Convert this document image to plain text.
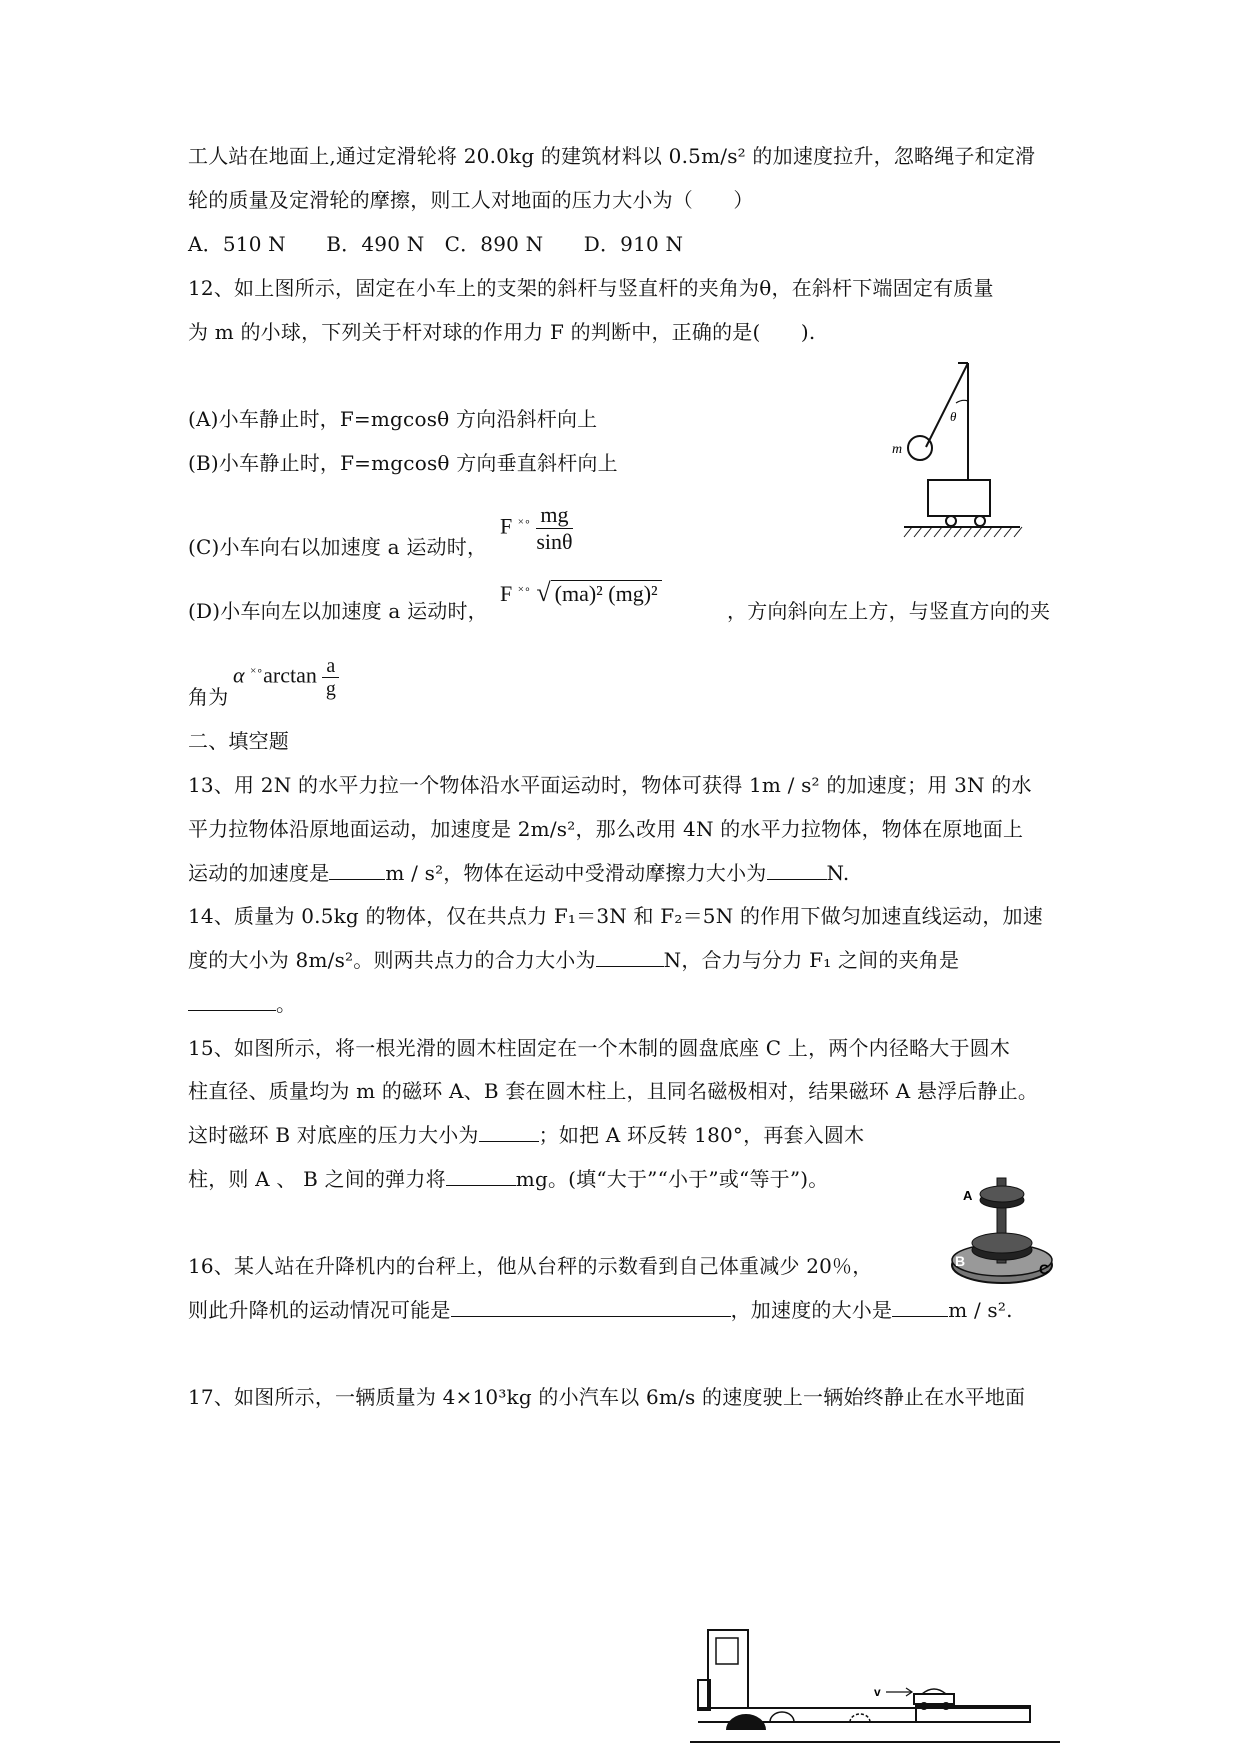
工人站在地面上,通过定滑轮将 20.0kg 的建筑材料以 0.5m/s² 的加速度拉升，忽略绳子和定滑
轮的质量及定滑轮的摩擦，则工人对地面的压力大小为（　　）
A．510 N　　B．490 N　C．890 N　　D．910 N
12、如上图所示，固定在小车上的支架的斜杆与竖直杆的夹角为θ，在斜杆下端固定有质量
为 m 的小球，下列关于杆对球的作用力 F 的判断中，正确的是(　　).
(A)小车静止时，F=mgcosθ 方向沿斜杆向上
(B)小车静止时，F=mgcosθ 方向垂直斜杆向上
(C)小车向右以加速度 a 运动时，
F $^{\times\circ} \frac{mg}{\sin\theta}$
(D)小车向左以加速度 a 运动时，
F ×∘ √ (ma)² (mg)²
，方向斜向左上方，与竖直方向的夹
α $^{\times\circ}\arctan \frac{a}{g}$
角为
二、填空题
13、用 2N 的水平力拉一个物体沿水平面运动时，物体可获得 1m / s² 的加速度；用 3N 的水
平力拉物体沿原地面运动，加速度是 2m/s²，那么改用 4N 的水平力拉物体，物体在原地面上
运动的加速度是	m / s²，物体在运动中受滑动摩擦力大小为	N.
14、质量为 0.5kg 的物体，仅在共点力 F₁＝3N 和 F₂＝5N 的作用下做匀加速直线运动，加速
度的大小为 8m/s²。则两共点力的合力大小为	N，合力与分力 F₁ 之间的夹角是
。
15、如图所示，将一根光滑的圆木柱固定在一个木制的圆盘底座 C 上，两个内径略大于圆木
柱直径、质量均为 m 的磁环 A、B 套在圆木柱上，且同名磁极相对，结果磁环 A 悬浮后静止。
这时磁环 B 对底座的压力大小为	；如把 A 环反转 180°，再套入圆木
柱，则 A 、 B 之间的弹力将	mg。(填“大于”“小于”或“等于”)。
16、某人站在升降机内的台秤上，他从台秤的示数看到自己体重减少 20％，
则此升降机的运动情况可能是	，加速度的大小是	m / s².
17、如图所示，一辆质量为 4×10³kg 的小汽车以 6m/s 的速度驶上一辆始终静止在水平地面
m
θ
A
B	C
v
